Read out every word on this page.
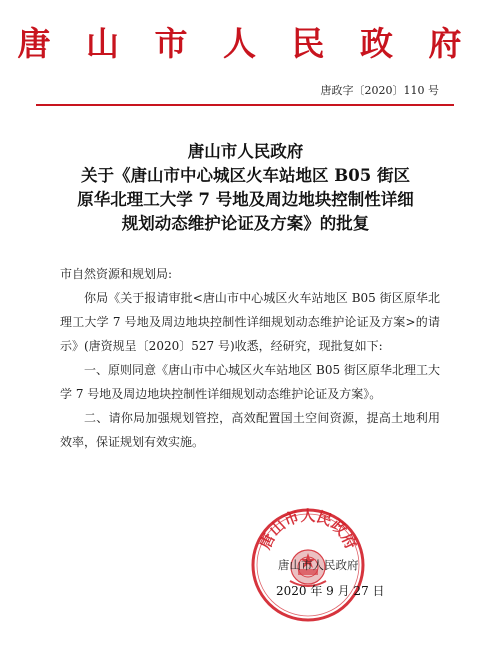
唐 山 市 人 民 政 府
唐政字〔2020〕110 号
唐山市人民政府
关于《唐山市中心城区火车站地区 B05 街区
原华北理工大学 7 号地及周边地块控制性详细
规划动态维护论证及方案》的批复

市自然资源和规划局:

你局《关于报请审批<唐山市中心城区火车站地区 B05 街区原华北理工大学 7 号地及周边地块控制性详细规划动态维护论证及方案>的请示》(唐资规呈〔2020〕527 号)收悉，经研究，现批复如下:

一、原则同意《唐山市中心城区火车站地区 B05 街区原华北理工大学 7 号地及周边地块控制性详细规划动态维护论证及方案》。

二、请你局加强规划管控，高效配置国土空间资源，提高土地利用效率，保证规划有效实施。

唐山市人民政府
唐山市人民政府
2020 年 9 月 27 日
